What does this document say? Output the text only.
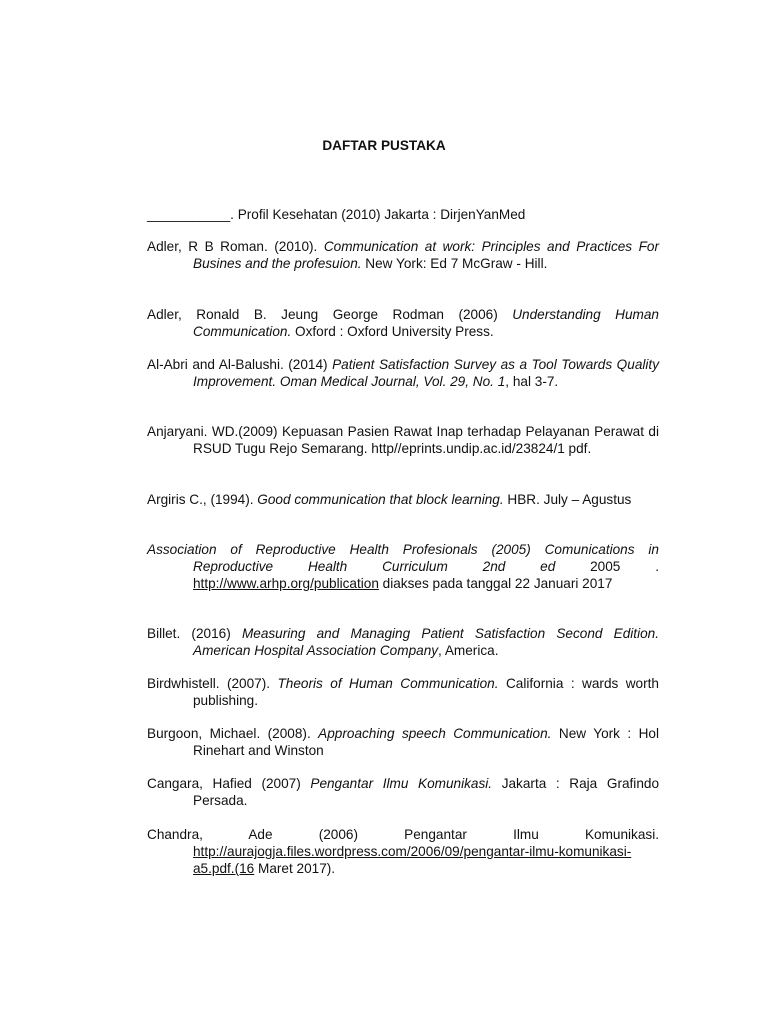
DAFTAR PUSTAKA
___________. Profil Kesehatan (2010) Jakarta : DirjenYanMed
Adler, R B Roman. (2010). Communication at work: Principles and Practices For Busines and the profesuion. New York: Ed 7 McGraw - Hill.
Adler, Ronald B. Jeung George Rodman (2006) Understanding Human Communication. Oxford : Oxford University Press.
Al-Abri and Al-Balushi. (2014) Patient Satisfaction Survey as a Tool Towards Quality Improvement. Oman Medical Journal, Vol. 29, No. 1, hal 3-7.
Anjaryani. WD.(2009) Kepuasan Pasien Rawat Inap terhadap Pelayanan Perawat di RSUD Tugu Rejo Semarang. http//eprints.undip.ac.id/23824/1 pdf.
Argiris C., (1994). Good communication that block learning. HBR. July – Agustus
Association of Reproductive Health Profesionals (2005) Comunications in Reproductive Health Curriculum 2nd ed 2005 . http://www.arhp.org/publication diakses pada tanggal 22 Januari 2017
Billet. (2016) Measuring and Managing Patient Satisfaction Second Edition. American Hospital Association Company, America.
Birdwhistell. (2007). Theoris of Human Communication. California : wards worth publishing.
Burgoon, Michael. (2008). Approaching speech Communication. New York : Hol Rinehart and Winston
Cangara, Hafied (2007) Pengantar Ilmu Komunikasi. Jakarta : Raja Grafindo Persada.
Chandra, Ade (2006) Pengantar Ilmu Komunikasi. http://aurajogja.files.wordpress.com/2006/09/pengantar-ilmu-komunikasi-a5.pdf.(16 Maret 2017).
